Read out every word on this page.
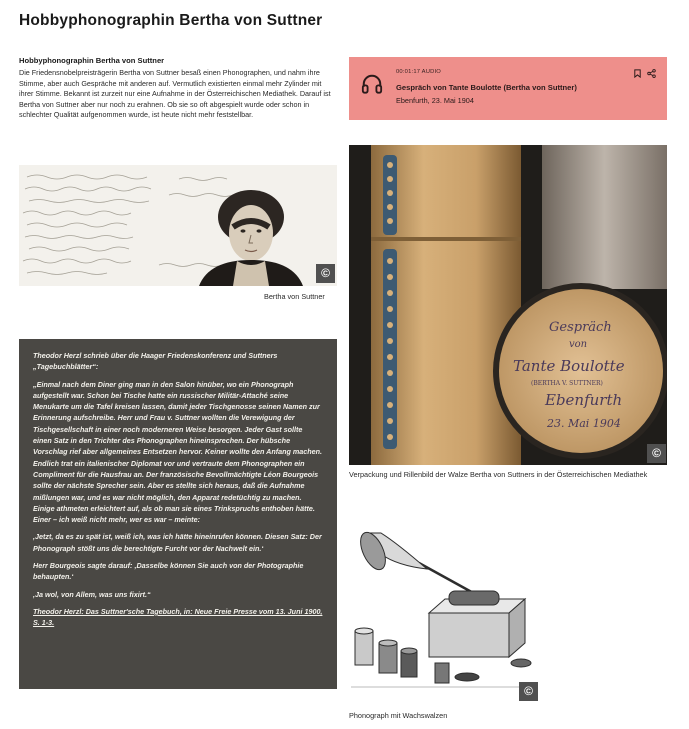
Hobbyphonographin Bertha von Suttner
Hobbyphonographin Bertha von Suttner

Die Friedensnobelpreisträgerin Bertha von Suttner besaß einen Phonographen, und nahm ihre Stimme, aber auch Gespräche mit anderen auf. Vermutlich existierten einmal mehr Zylinder mit ihrer Stimme. Bekannt ist zurzeit nur eine Aufnahme in der Österreichischen Mediathek. Darauf ist Bertha von Suttner aber nur noch zu erahnen. Ob sie so oft abgespielt wurde oder schon in schlechter Qualität aufgenommen wurde, ist heute nicht mehr feststellbar.

00:01:17 AUDIO
Gespräch von Tante Boulotte (Bertha von Suttner)
Ebenfurth, 23. Mai 1904
©
Bertha von Suttner
Gespräch
von
Tante Boulotte
(BERTHA V. SUTTNER)
Ebenfurth
23. Mai 1904
©
Verpackung und Rillenbild der Walze Bertha von Suttners in der Österreichischen Mediathek

Theodor Herzl schrieb über die Haager Friedenskonferenz und Suttners „Tagebuchblätter“:

„Einmal nach dem Diner ging man in den Salon hinüber, wo ein Phonograph aufgestellt war. Schon bei Tische hatte ein russischer Militär-Attaché seine Menukarte um die Tafel kreisen lassen, damit jeder Tischgenosse seinen Namen zur Erinnerung aufschreibe. Herr und Frau v. Suttner wollten die Verewigung der Tischgesellschaft in einer noch moderneren Weise besorgen. Jeder Gast sollte einen Satz in den Trichter des Phonographen hineinsprechen. Der hübsche Vorschlag rief aber allgemeines Entsetzen hervor. Keiner wollte den Anfang machen. Endlich trat ein italienischer Diplomat vor und vertraute dem Phonographen ein Compliment für die Hausfrau an. Der französische Bevollmächtigte Léon Bourgeois sollte der nächste Sprecher sein. Aber es stellte sich heraus, daß die Aufnahme mißlungen war, und es war nicht möglich, den Apparat redetüchtig zu machen. Einige athmeten erleichtert auf, als ob man sie eines Trinkspruchs enthoben hätte. Einer – ich weiß nicht mehr, wer es war – meinte:

‚Jetzt, da es zu spät ist, weiß ich, was ich hätte hineinrufen können. Diesen Satz: Der Phonograph stößt uns die berechtigte Furcht vor der Nachwelt ein.‘

Herr Bourgeois sagte darauf: ‚Dasselbe können Sie auch von der Photographie behaupten.‘

‚Ja wol, von Allem, was uns fixirt.“

Theodor Herzl: Das Suttner'sche Tagebuch, in: Neue Freie Presse vom 13. Juni 1900, S. 1-3.
©
Phonograph mit Wachswalzen
